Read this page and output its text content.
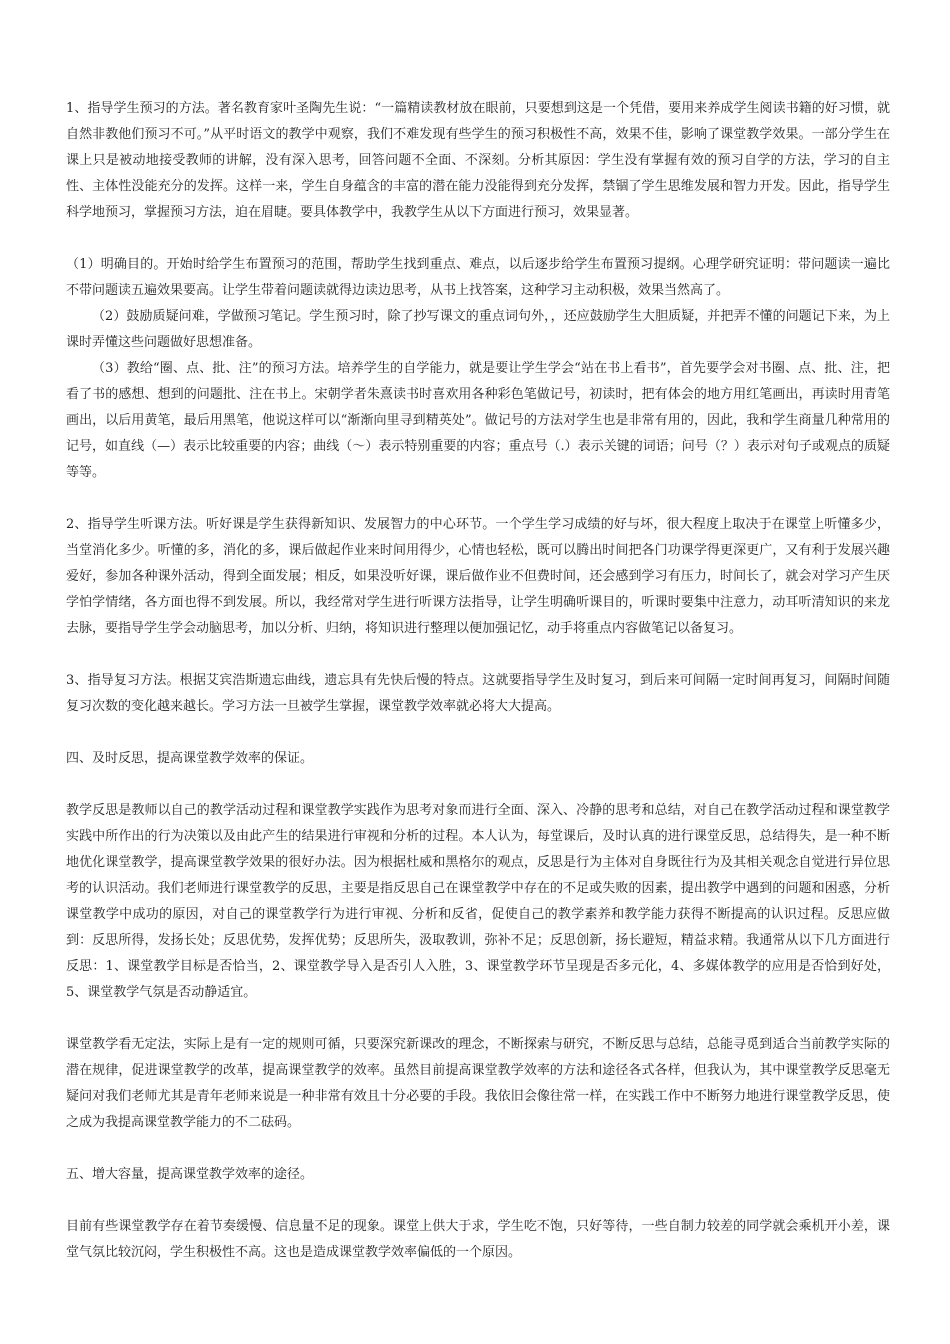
1、指导学生预习的方法。著名教育家叶圣陶先生说：“一篇精读教材放在眼前，只要想到这是一个凭借，要用来养成学生阅读书籍的好习惯，就自然非教他们预习不可。”从平时语文的教学中观察，我们不难发现有些学生的预习积极性不高，效果不佳，影响了课堂教学效果。一部分学生在课上只是被动地接受教师的讲解，没有深入思考，回答问题不全面、不深刻。分析其原因：学生没有掌握有效的预习自学的方法，学习的自主性、主体性没能充分的发挥。这样一来，学生自身蕴含的丰富的潜在能力没能得到充分发挥，禁锢了学生思维发展和智力开发。因此，指导学生科学地预习，掌握预习方法，迫在眉睫。要具体教学中，我教学生从以下方面进行预习，效果显著。

（1）明确目的。开始时给学生布置预习的范围，帮助学生找到重点、难点，以后逐步给学生布置预习提纲。心理学研究证明：带问题读一遍比不带问题读五遍效果要高。让学生带着问题读就得边读边思考，从书上找答案，这种学习主动积极，效果当然高了。

（2）鼓励质疑问难，学做预习笔记。学生预习时，除了抄写课文的重点词句外，，还应鼓励学生大胆质疑，并把弄不懂的问题记下来，为上课时弄懂这些问题做好思想准备。

（3）教给“圈、点、批、注”的预习方法。培养学生的自学能力，就是要让学生学会“站在书上看书”，首先要学会对书圈、点、批、注，把看了书的感想、想到的问题批、注在书上。宋朝学者朱熹读书时喜欢用各种彩色笔做记号，初读时，把有体会的地方用红笔画出，再读时用青笔画出，以后用黄笔，最后用黑笔，他说这样可以“渐渐向里寻到精英处”。做记号的方法对学生也是非常有用的，因此，我和学生商量几种常用的记号，如直线（—）表示比较重要的内容；曲线（～）表示特别重要的内容；重点号（.）表示关键的词语；问号（？）表示对句子或观点的质疑等等。

2、指导学生听课方法。听好课是学生获得新知识、发展智力的中心环节。一个学生学习成绩的好与坏，很大程度上取决于在课堂上听懂多少，当堂消化多少。听懂的多，消化的多，课后做起作业来时间用得少，心情也轻松，既可以腾出时间把各门功课学得更深更广，又有利于发展兴趣爱好，参加各种课外活动，得到全面发展；相反，如果没听好课，课后做作业不但费时间，还会感到学习有压力，时间长了，就会对学习产生厌学怕学情绪，各方面也得不到发展。所以，我经常对学生进行听课方法指导，让学生明确听课目的，听课时要集中注意力，动耳听清知识的来龙去脉，要指导学生学会动脑思考，加以分析、归纳，将知识进行整理以便加强记忆，动手将重点内容做笔记以备复习。

3、指导复习方法。根据艾宾浩斯遗忘曲线，遗忘具有先快后慢的特点。这就要指导学生及时复习，到后来可间隔一定时间再复习，间隔时间随复习次数的变化越来越长。学习方法一旦被学生掌握，课堂教学效率就必将大大提高。

四、及时反思，提高课堂教学效率的保证。

教学反思是教师以自己的教学活动过程和课堂教学实践作为思考对象而进行全面、深入、冷静的思考和总结，对自己在教学活动过程和课堂教学实践中所作出的行为决策以及由此产生的结果进行审视和分析的过程。本人认为，每堂课后，及时认真的进行课堂反思，总结得失，是一种不断地优化课堂教学，提高课堂教学效果的很好办法。因为根据杜威和黑格尔的观点，反思是行为主体对自身既往行为及其相关观念自觉进行异位思考的认识活动。我们老师进行课堂教学的反思，主要是指反思自己在课堂教学中存在的不足或失败的因素，提出教学中遇到的问题和困惑，分析课堂教学中成功的原因，对自己的课堂教学行为进行审视、分析和反省，促使自己的教学素养和教学能力获得不断提高的认识过程。反思应做到：反思所得，发扬长处；反思优势，发挥优势；反思所失，汲取教训，弥补不足；反思创新，扬长避短，精益求精。我通常从以下几方面进行反思：1、课堂教学目标是否恰当，2、课堂教学导入是否引人入胜，3、课堂教学环节呈现是否多元化，4、多媒体教学的应用是否恰到好处，5、课堂教学气氛是否动静适宜。

课堂教学看无定法，实际上是有一定的规则可循，只要深究新课改的理念，不断探索与研究，不断反思与总结，总能寻觅到适合当前教学实际的潜在规律，促进课堂教学的改革，提高课堂教学的效率。虽然目前提高课堂教学效率的方法和途径各式各样，但我认为，其中课堂教学反思毫无疑问对我们老师尤其是青年老师来说是一种非常有效且十分必要的手段。我依旧会像往常一样，在实践工作中不断努力地进行课堂教学反思，使之成为我提高课堂教学能力的不二砝码。

五、增大容量，提高课堂教学效率的途径。

目前有些课堂教学存在着节奏缓慢、信息量不足的现象。课堂上供大于求，学生吃不饱，只好等待，一些自制力较差的同学就会乘机开小差，课堂气氛比较沉闷，学生积极性不高。这也是造成课堂教学效率偏低的一个原因。
